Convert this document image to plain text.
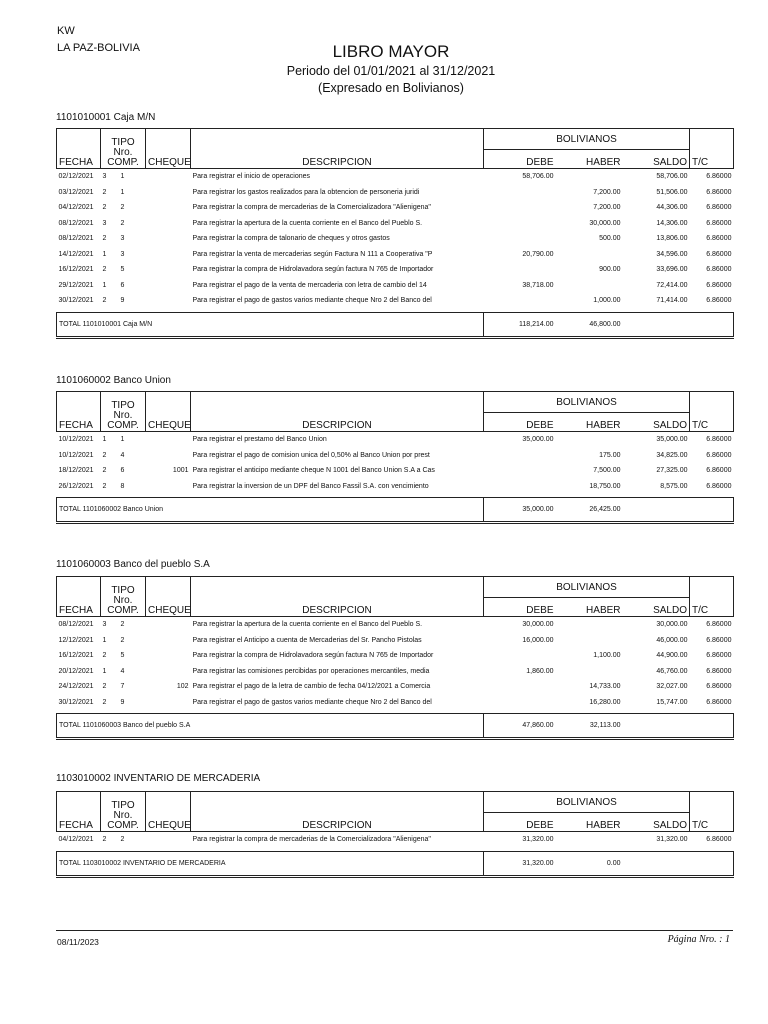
KW
LA PAZ-BOLIVIA	LIBRO MAYOR
Periodo del 01/01/2021 al 31/12/2021
(Expresado en Bolivianos)
1101010001 Caja M/N
FECHA	TIPO
Nro.
COMP.	CHEQUE	DESCRIPCION	BOLIVIANOS			T/C
				DEBE	HABER	SALDO	
02/12/2021	3 1		Para registrar el inicio de operaciones	58,706.00		58,706.00	6.86000
03/12/2021	2 1		Para registrar los gastos realizados para la obtencion de personeria juridi		7,200.00	51,506.00	6.86000
04/12/2021	2 2		Para registrar la compra de mercaderias de la Comercializadora "Alienigena"		7,200.00	44,306.00	6.86000
08/12/2021	3 2		Para registrar la apertura de la cuenta corriente en el Banco del Pueblo S.		30,000.00	14,306.00	6.86000
08/12/2021	2 3		Para registrar la compra de talonario de cheques y otros gastos		500.00	13,806.00	6.86000
14/12/2021	1 3		Para registrar la venta de mercaderias según Factura N 111 a Cooperativa "P	20,790.00		34,596.00	6.86000
16/12/2021	2 5		Para registrar la compra de Hidrolavadora según factura N 765 de Importador		900.00	33,696.00	6.86000
29/12/2021	1 6		Para registrar el pago de la venta de mercaderia con letra de cambio del 14	38,718.00		72,414.00	6.86000
30/12/2021	2 9		Para registrar el pago de gastos varios mediante cheque Nro 2 del Banco del		1,000.00	71,414.00	6.86000

TOTAL 1101010001 Caja M/N				118,214.00	46,800.00		
1101060002 Banco Union
FECHA	TIPO
Nro.
COMP.	CHEQUE	DESCRIPCION	BOLIVIANOS			T/C
				DEBE	HABER	SALDO	
10/12/2021	1 1		Para registrar el prestamo del Banco Union	35,000.00		35,000.00	6.86000
10/12/2021	2 4		Para registrar el pago de comision unica del 0,50% al Banco Union por prest		175.00	34,825.00	6.86000
18/12/2021	2 6	1001	Para registrar el anticipo mediante cheque N 1001 del Banco Union S.A a Cas		7,500.00	27,325.00	6.86000
26/12/2021	2 8		Para registrar la inversion de un DPF del Banco Fassil S.A. con vencimiento		18,750.00	8,575.00	6.86000

TOTAL 1101060002 Banco Union				35,000.00	26,425.00		
1101060003 Banco del pueblo S.A
FECHA	TIPO
Nro.
COMP.	CHEQUE	DESCRIPCION	BOLIVIANOS			T/C
				DEBE	HABER	SALDO	
08/12/2021	3 2		Para registrar la apertura de la cuenta corriente en el Banco del Pueblo S.	30,000.00		30,000.00	6.86000
12/12/2021	1 2		Para registrar el Anticipo a cuenta de Mercaderias del Sr. Pancho Pistolas	16,000.00		46,000.00	6.86000
16/12/2021	2 5		Para registrar la compra de Hidrolavadora según factura N 765 de Importador		1,100.00	44,900.00	6.86000
20/12/2021	1 4		Para registrar las comisiones percibidas por operaciones mercantiles, media	1,860.00		46,760.00	6.86000
24/12/2021	2 7	102	Para registrar el pago de la letra de cambio de fecha 04/12/2021 a Comercia		14,733.00	32,027.00	6.86000
30/12/2021	2 9		Para registrar el pago de gastos varios mediante cheque Nro 2 del Banco del		16,280.00	15,747.00	6.86000

TOTAL 1101060003 Banco del pueblo S.A				47,860.00	32,113.00		
1103010002 INVENTARIO DE MERCADERIA
FECHA	TIPO
Nro.
COMP.	CHEQUE	DESCRIPCION	BOLIVIANOS			T/C
				DEBE	HABER	SALDO	
04/12/2021	2 2		Para registrar la compra de mercaderias de la Comercializadora "Alienigena"	31,320.00		31,320.00	6.86000

TOTAL 1103010002 INVENTARIO DE MERCADERIA				31,320.00	0.00		
08/11/2023	Página Nro. : 1
